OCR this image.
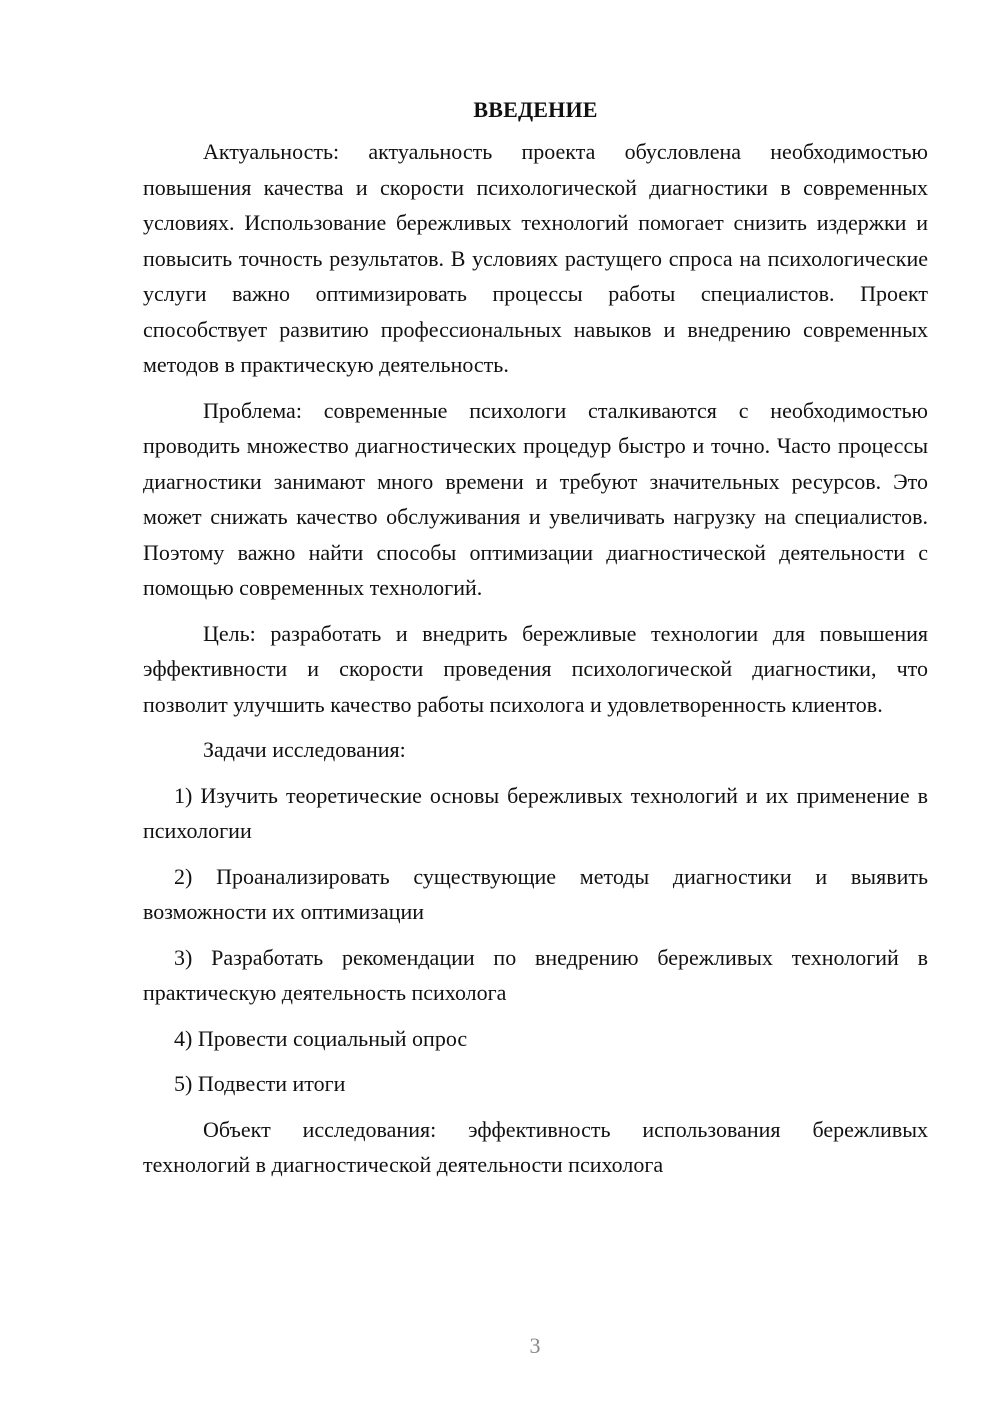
ВВЕДЕНИЕ

Актуальность: актуальность проекта обусловлена необходимостью повышения качества и скорости психологической диагностики в современных условиях. Использование бережливых технологий помогает снизить издержки и повысить точность результатов. В условиях растущего спроса на психологические услуги важно оптимизировать процессы работы специалистов. Проект способствует развитию профессиональных навыков и внедрению современных методов в практическую деятельность.

Проблема: современные психологи сталкиваются с необходимостью проводить множество диагностических процедур быстро и точно. Часто процессы диагностики занимают много времени и требуют значительных ресурсов. Это может снижать качество обслуживания и увеличивать нагрузку на специалистов. Поэтому важно найти способы оптимизации диагностической деятельности с помощью современных технологий.

Цель: разработать и внедрить бережливые технологии для повышения эффективности и скорости проведения психологической диагностики, что позволит улучшить качество работы психолога и удовлетворенность клиентов.

Задачи исследования:

1) Изучить теоретические основы бережливых технологий и их применение в психологии

2) Проанализировать существующие методы диагностики и выявить возможности их оптимизации

3) Разработать рекомендации по внедрению бережливых технологий в практическую деятельность психолога

4) Провести социальный опрос

5) Подвести итоги

Объект исследования: эффективность использования бережливых технологий в диагностической деятельности психолога

3
